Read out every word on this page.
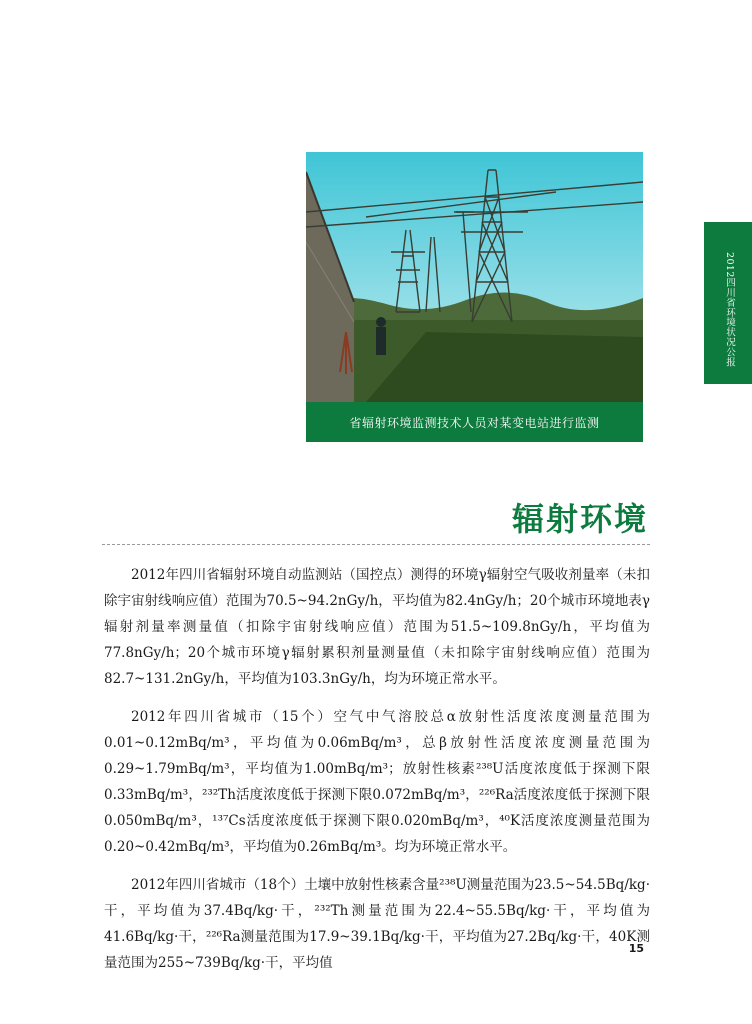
省辐射环境监测技术人员对某变电站进行监测
2012四川省环境状况公报
辐射环境

2012年四川省辐射环境自动监测站（国控点）测得的环境γ辐射空气吸收剂量率（未扣除宇宙射线响应值）范围为70.5~94.2nGy/h，平均值为82.4nGy/h；20个城市环境地表γ辐射剂量率测量值（扣除宇宙射线响应值）范围为51.5~109.8nGy/h，平均值为77.8nGy/h；20个城市环境γ辐射累积剂量测量值（未扣除宇宙射线响应值）范围为82.7~131.2nGy/h，平均值为103.3nGy/h，均为环境正常水平。

2012年四川省城市（15个）空气中气溶胶总α放射性活度浓度测量范围为0.01~0.12mBq/m³，平均值为0.06mBq/m³，总β放射性活度浓度测量范围为0.29~1.79mBq/m³，平均值为1.00mBq/m³；放射性核素²³⁸U活度浓度低于探测下限0.33mBq/m³，²³²Th活度浓度低于探测下限0.072mBq/m³，²²⁶Ra活度浓度低于探测下限0.050mBq/m³，¹³⁷Cs活度浓度低于探测下限0.020mBq/m³，⁴⁰K活度浓度测量范围为0.20~0.42mBq/m³，平均值为0.26mBq/m³。均为环境正常水平。

2012年四川省城市（18个）土壤中放射性核素含量²³⁸U测量范围为23.5~54.5Bq/kg·干，平均值为37.4Bq/kg·干，²³²Th测量范围为22.4~55.5Bq/kg·干，平均值为41.6Bq/kg·干，²²⁶Ra测量范围为17.9~39.1Bq/kg·干，平均值为27.2Bq/kg·干，40K测量范围为255~739Bq/kg·干，平均值

15
